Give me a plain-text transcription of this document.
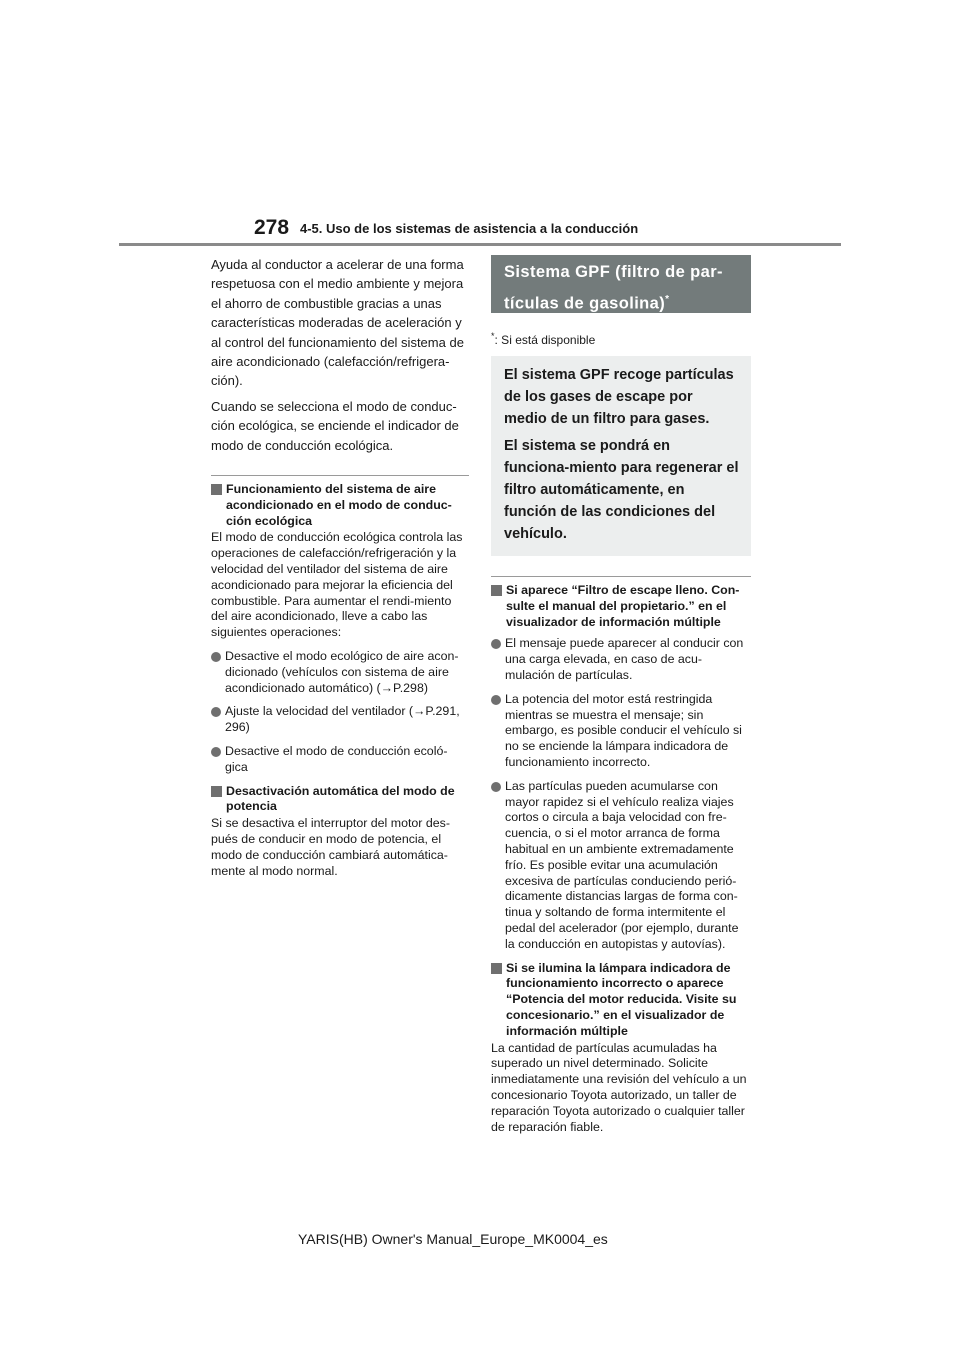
278 4-5. Uso de los sistemas de asistencia a la conducción

Ayuda al conductor a acelerar de una forma respetuosa con el medio ambiente y mejora el ahorro de combustible gracias a unas características moderadas de aceleración y al control del funcionamiento del sistema de aire acondicionado (calefacción/refrigera-ción).

Cuando se selecciona el modo de conduc-ción ecológica, se enciende el indicador de modo de conducción ecológica.

Funcionamiento del sistema de aire acondicionado en el modo de conduc-ción ecológica

El modo de conducción ecológica controla las operaciones de calefacción/refrigeración y la velocidad del ventilador del sistema de aire acondicionado para mejorar la eficiencia del combustible. Para aumentar el rendi-miento del aire acondicionado, lleve a cabo las siguientes operaciones:

Desactive el modo ecológico de aire acon-dicionado (vehículos con sistema de aire acondicionado automático) (→P.298)
Ajuste la velocidad del ventilador (→P.291, 296)
Desactive el modo de conducción ecoló-gica
Desactivación automática del modo de potencia

Si se desactiva el interruptor del motor des-pués de conducir en modo de potencia, el modo de conducción cambiará automática-mente al modo normal.

Sistema GPF (filtro de par-
tículas de gasolina)*

*: Si está disponible

El sistema GPF recoge partículas de los gases de escape por medio de un filtro para gases.

El sistema se pondrá en funciona-miento para regenerar el filtro automáticamente, en función de las condiciones del vehículo.

Si aparece “Filtro de escape lleno. Con-sulte el manual del propietario.” en el visualizador de información múltiple
El mensaje puede aparecer al conducir con una carga elevada, en caso de acu-mulación de partículas.
La potencia del motor está restringida mientras se muestra el mensaje; sin embargo, es posible conducir el vehículo si no se enciende la lámpara indicadora de funcionamiento incorrecto.
Las partículas pueden acumularse con mayor rapidez si el vehículo realiza viajes cortos o circula a baja velocidad con fre-cuencia, o si el motor arranca de forma habitual en un ambiente extremadamente frío. Es posible evitar una acumulación excesiva de partículas conduciendo perió-dicamente distancias largas de forma con-tinua y soltando de forma intermitente el pedal del acelerador (por ejemplo, durante la conducción en autopistas y autovías).
Si se ilumina la lámpara indicadora de funcionamiento incorrecto o aparece “Potencia del motor reducida. Visite su concesionario.” en el visualizador de información múltiple

La cantidad de partículas acumuladas ha superado un nivel determinado. Solicite inmediatamente una revisión del vehículo a un concesionario Toyota autorizado, un taller de reparación Toyota autorizado o cualquier taller de reparación fiable.

YARIS(HB) Owner's Manual_Europe_MK0004_es
